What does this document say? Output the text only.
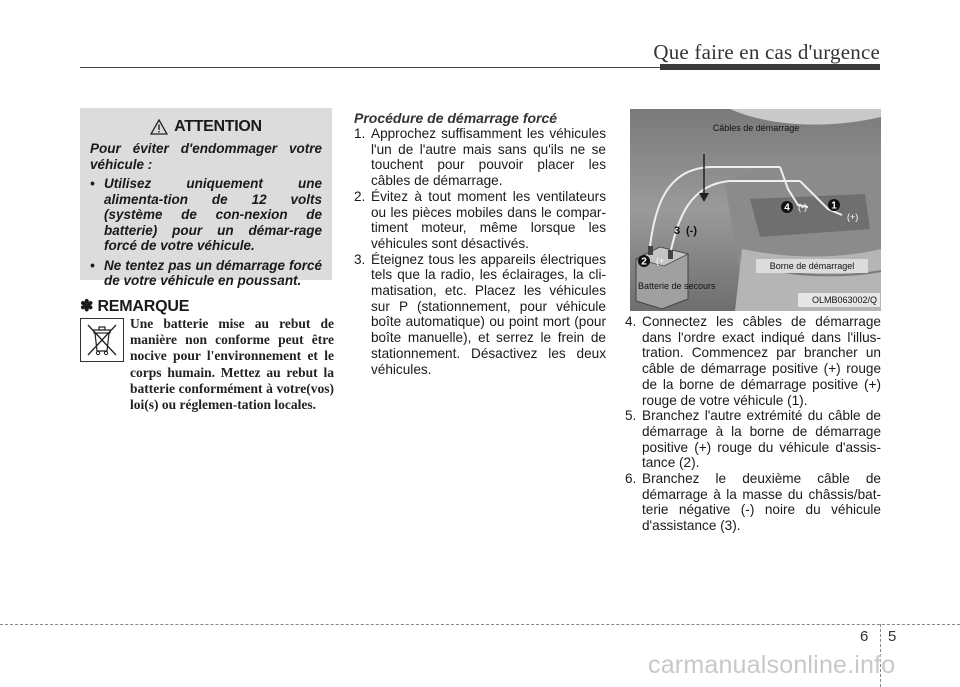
Que faire en cas d'urgence
ATTENTION

Pour éviter d'endommager votre véhicule :

• Utilisez uniquement une alimenta-tion de 12 volts (système de con-nexion de batterie) pour un démar-rage forcé de votre véhicule.
• Ne tentez pas un démarrage forcé de votre véhicule en poussant.
✽ REMARQUE
Une batterie mise au rebut de manière non conforme peut être nocive pour l'environnement et le corps humain. Mettez au rebut la batterie conformément à votre(vos) loi(s) ou réglemen-tation locales.
Procédure de démarrage forcé
1. Approchez suffisamment les véhicules l'un de l'autre mais sans qu'ils ne se touchent pour pouvoir placer les câbles de démarrage.
2. Évitez à tout moment les ventilateurs ou les pièces mobiles dans le compar-timent moteur, même lorsque les véhicules sont désactivés.
3. Éteignez tous les appareils électriques tels que la radio, les éclairages, la cli-matisation, etc. Placez les véhicules sur P (stationnement, pour véhicule boîte automatique) ou point mort (pour boîte manuelle), et serrez le frein de stationnement. Désactivez les deux véhicules.
Câbles de démarrage
Borne de démarragel
Batterie de secours
OLMB063002/Q
4 (-) 1
(+)
2 (+
3 (-)
4. Connectez les câbles de démarrage dans l'ordre exact indiqué dans l'illus-tration. Commencez par brancher un câble de démarrage positive (+) rouge de la borne de démarrage positive (+) rouge de votre véhicule (1).
5. Branchez l'autre extrémité du câble de démarrage à la borne de démarrage positive (+) rouge du véhicule d'assis-tance (2).
6. Branchez le deuxième câble de démarrage à la masse du châssis/bat-terie négative (-) noire du véhicule d'assistance (3).
6 5
carmanualsonline.info
